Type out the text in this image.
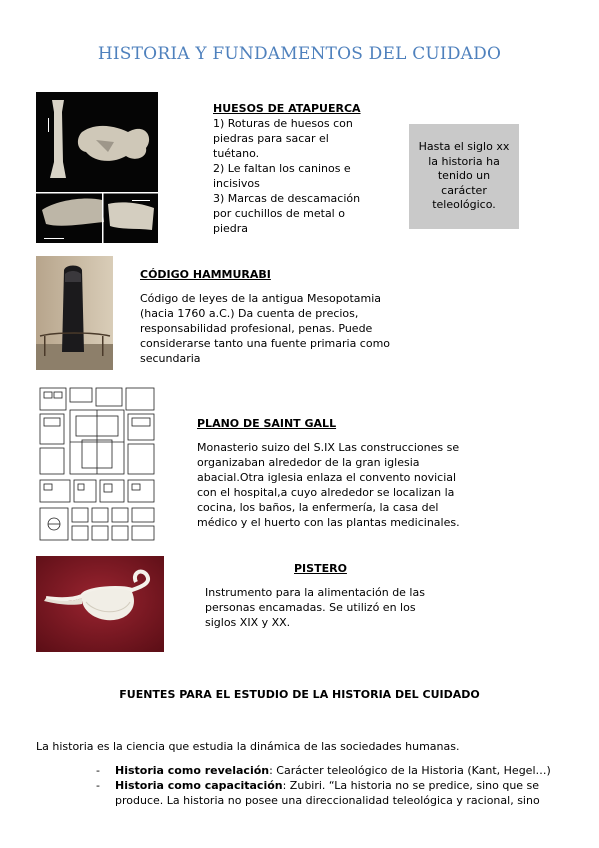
HISTORIA Y FUNDAMENTOS DEL CUIDADO
HUESOS DE ATAPUERCA
1) Roturas de huesos con
piedras para sacar el
tuétano.
2) Le faltan los caninos e
incisivos
3) Marcas de descamación
por cuchillos de metal o
piedra
Hasta el siglo xx
la historia ha
tenido un
carácter
teleológico.
CÓDIGO HAMMURABI
Código de leyes de la antigua Mesopotamia
(hacia 1760 a.C.) Da cuenta de precios,
responsabilidad profesional, penas. Puede
considerarse tanto una fuente primaria como
secundaria
PLANO DE SAINT GALL
Monasterio suizo del S.IX Las construcciones se
organizaban alrededor de la gran iglesia
abacial.Otra iglesia enlaza el convento novicial
con el hospital,a cuyo alrededor se localizan la
cocina, los baños, la enfermería, la casa del
médico y el huerto con las plantas medicinales.
PISTERO
Instrumento para la alimentación de las
personas encamadas. Se utilizó en los
siglos XIX y XX.
FUENTES PARA EL ESTUDIO DE LA HISTORIA DEL CUIDADO
La historia es la ciencia que estudia la dinámica de las sociedades humanas.
-	Historia como revelación: Carácter teleológico de la Historia (Kant, Hegel…)
-	Historia como capacitación: Zubiri. “La historia no se predice, sino que se
produce. La historia no posee una direccionalidad teleológica y racional, sino
